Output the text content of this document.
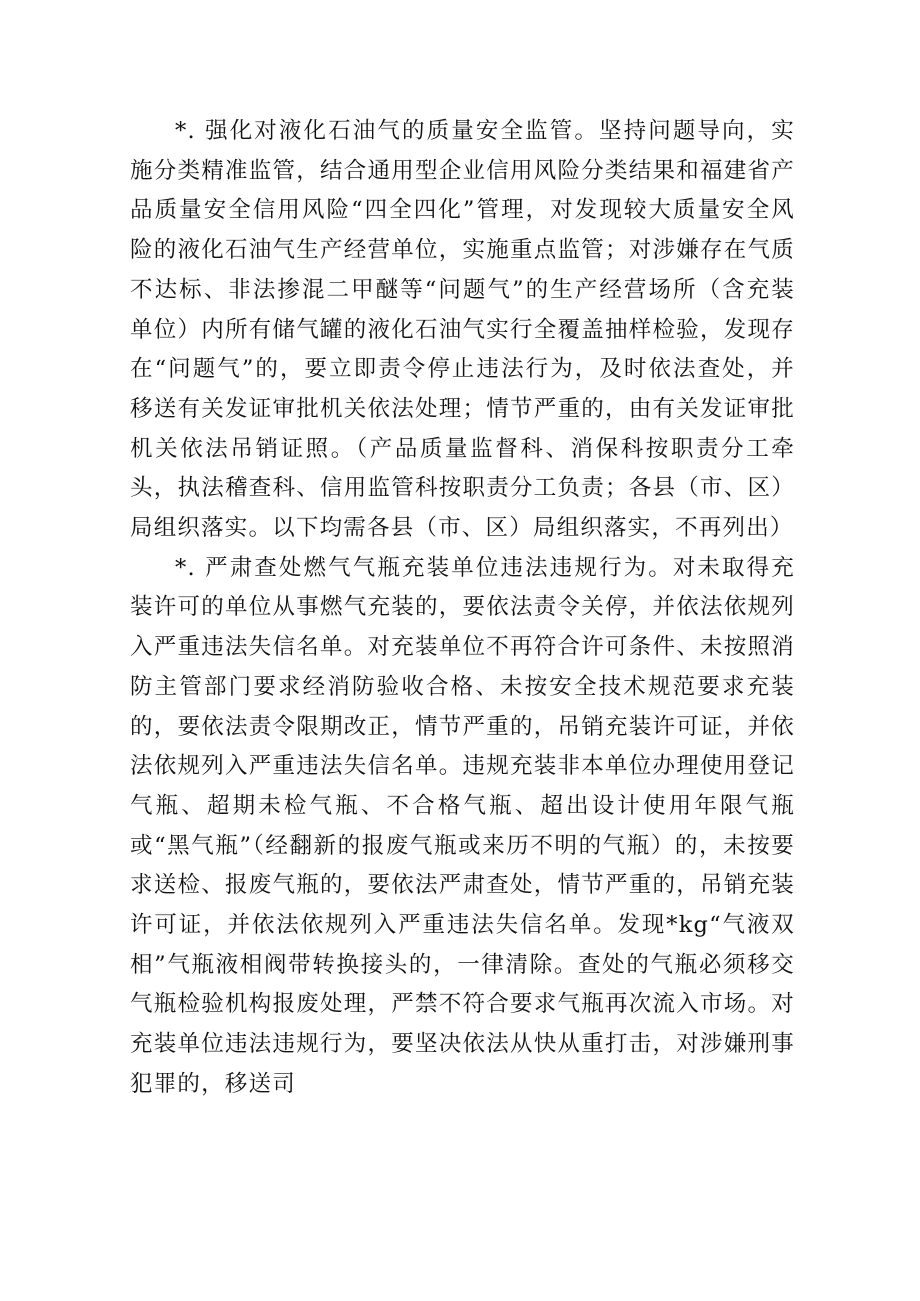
*. 强化对液化石油气的质量安全监管。坚持问题导向，实施分类精准监管，结合通用型企业信用风险分类结果和福建省产品质量安全信用风险“四全四化”管理，对发现较大质量安全风险的液化石油气生产经营单位，实施重点监管；对涉嫌存在气质不达标、非法掺混二甲醚等“问题气”的生产经营场所（含充装单位）内所有储气罐的液化石油气实行全覆盖抽样检验，发现存在“问题气”的，要立即责令停止违法行为，及时依法查处，并移送有关发证审批机关依法处理；情节严重的，由有关发证审批机关依法吊销证照。（产品质量监督科、消保科按职责分工牵头，执法稽查科、信用监管科按职责分工负责；各县（市、区）局组织落实。以下均需各县（市、区）局组织落实，不再列出）

*. 严肃查处燃气气瓶充装单位违法违规行为。对未取得充装许可的单位从事燃气充装的，要依法责令关停，并依法依规列入严重违法失信名单。对充装单位不再符合许可条件、未按照消防主管部门要求经消防验收合格、未按安全技术规范要求充装的，要依法责令限期改正，情节严重的，吊销充装许可证，并依法依规列入严重违法失信名单。违规充装非本单位办理使用登记气瓶、超期未检气瓶、不合格气瓶、超出设计使用年限气瓶或“黑气瓶”（经翻新的报废气瓶或来历不明的气瓶）的，未按要求送检、报废气瓶的，要依法严肃查处，情节严重的，吊销充装许可证，并依法依规列入严重违法失信名单。发现*kg“气液双相”气瓶液相阀带转换接头的，一律清除。查处的气瓶必须移交气瓶检验机构报废处理，严禁不符合要求气瓶再次流入市场。对充装单位违法违规行为，要坚决依法从快从重打击，对涉嫌刑事犯罪的，移送司
